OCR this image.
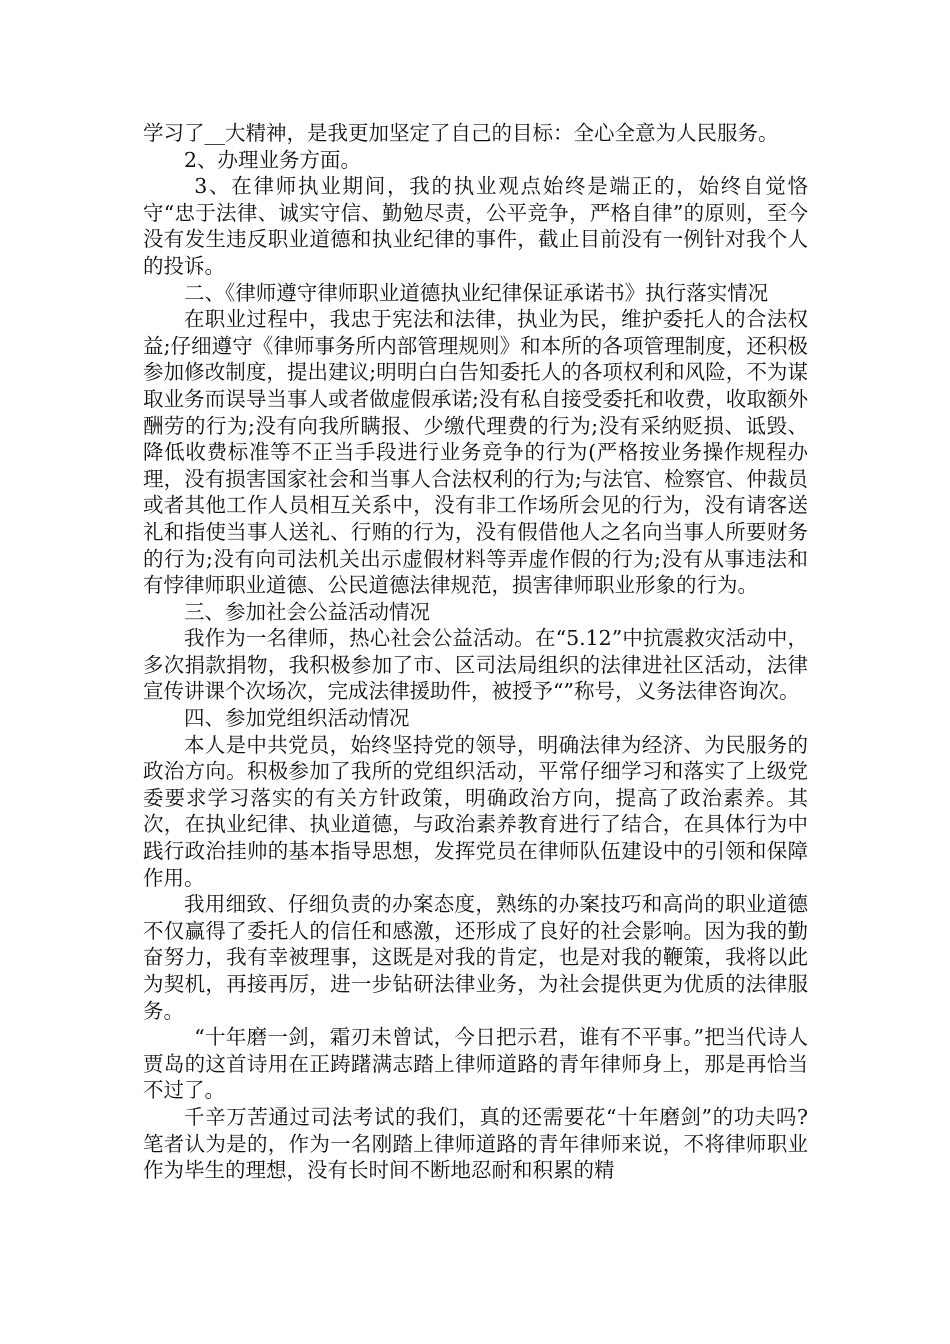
学习了__大精神，是我更加坚定了自己的目标：全心全意为人民服务。

2、办理业务方面。

3、在律师执业期间，我的执业观点始终是端正的，始终自觉恪守“忠于法律、诚实守信、勤勉尽责，公平竞争，严格自律”的原则，至今没有发生违反职业道德和执业纪律的事件，截止目前没有一例针对我个人的投诉。

二、《律师遵守律师职业道德执业纪律保证承诺书》执行落实情况

在职业过程中，我忠于宪法和法律，执业为民，维护委托人的合法权益;仔细遵守《律师事务所内部管理规则》和本所的各项管理制度，还积极参加修改制度，提出建议;明明白白告知委托人的各项权利和风险，不为谋取业务而误导当事人或者做虚假承诺;没有私自接受委托和收费，收取额外酬劳的行为;没有向我所瞒报、少缴代理费的行为;没有采纳贬损、诋毁、降低收费标准等不正当手段进行业务竞争的行为(严格按业务操作规程办理，没有损害国家社会和当事人合法权利的行为;与法官、检察官、仲裁员或者其他工作人员相互关系中，没有非工作场所会见的行为，没有请客送礼和指使当事人送礼、行贿的行为，没有假借他人之名向当事人所要财务的行为;没有向司法机关出示虚假材料等弄虚作假的行为;没有从事违法和有悖律师职业道德、公民道德法律规范，损害律师职业形象的行为。

三、参加社会公益活动情况

我作为一名律师，热心社会公益活动。在“5.12”中抗震救灾活动中，多次捐款捐物，我积极参加了市、区司法局组织的法律进社区活动，法律宣传讲课个次场次，完成法律援助件，被授予“”称号，义务法律咨询次。

四、参加党组织活动情况

本人是中共党员，始终坚持党的领导，明确法律为经济、为民服务的政治方向。积极参加了我所的党组织活动，平常仔细学习和落实了上级党委要求学习落实的有关方针政策，明确政治方向，提高了政治素养。其次，在执业纪律、执业道德，与政治素养教育进行了结合，在具体行为中践行政治挂帅的基本指导思想，发挥党员在律师队伍建设中的引领和保障作用。

我用细致、仔细负责的办案态度，熟练的办案技巧和高尚的职业道德不仅赢得了委托人的信任和感激，还形成了良好的社会影响。因为我的勤奋努力，我有幸被理事，这既是对我的肯定，也是对我的鞭策，我将以此为契机，再接再厉，进一步钻研法律业务，为社会提供更为优质的法律服务。

“十年磨一剑，霜刃未曾试，今日把示君，谁有不平事。”把当代诗人贾岛的这首诗用在正踌躇满志踏上律师道路的青年律师身上，那是再恰当不过了。

千辛万苦通过司法考试的我们，真的还需要花“十年磨剑”的功夫吗?笔者认为是的，作为一名刚踏上律师道路的青年律师来说，不将律师职业作为毕生的理想，没有长时间不断地忍耐和积累的精
